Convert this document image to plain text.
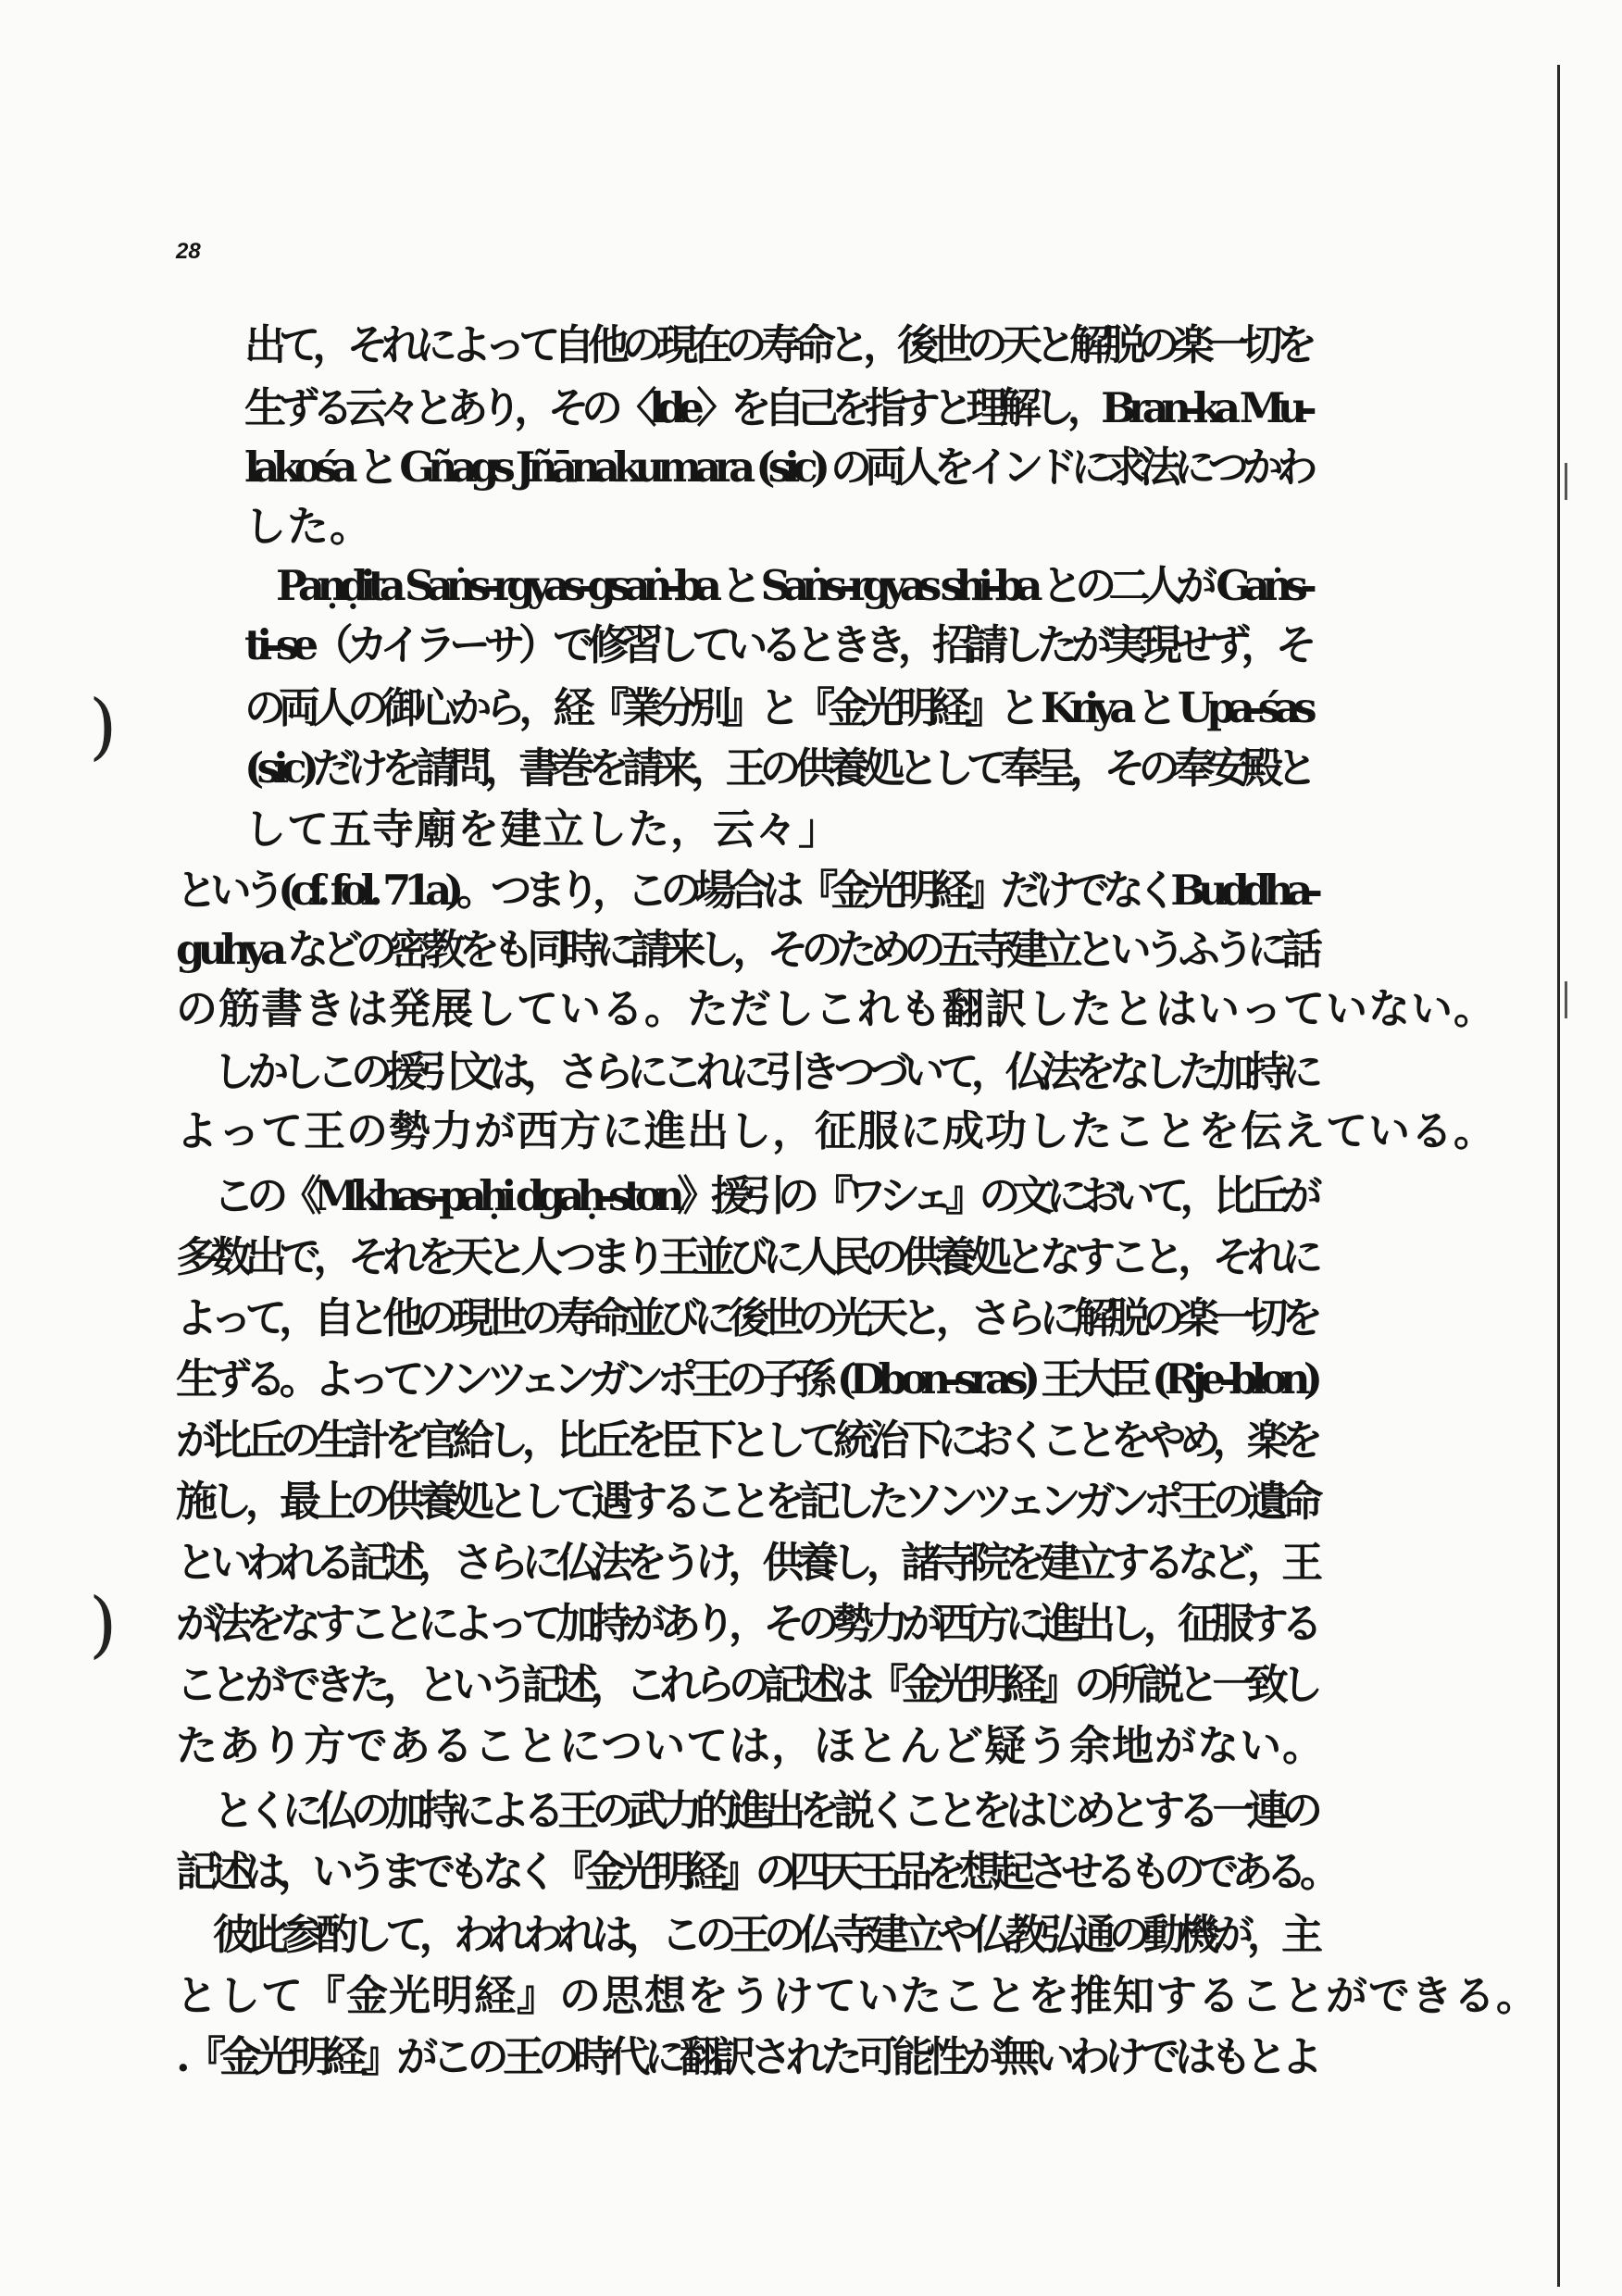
28

出て，それによって自他の現在の寿命と，後世の天と解脱の楽一切を

生ずる云々とあり，その〈lde〉を自己を指すと理解し，Bran-ka Mu-

lakośa と Gñags Jñānakumara (sic) の両人をインドに求法につかわ

した。

Paṇḍita Saṅs-rgyas-gsaṅ-ba と Saṅs-rgyas shi-ba との二人が Gaṅs-

ti-se（カイラーサ）で修習しているときき，招請したが実現せず，そ

の両人の御心から，経『業分別』と『金光明経』と Kriya と Upa-śas

(sic)だけを請問，書巻を請来，王の供養処として奉呈，その奉安殿と

して五寺廟を建立した，云々」

という(cf. fol. 71a)。つまり，この場合は『金光明経』だけでなくBuddha-

guhya などの密教をも同時に請来し，そのための五寺建立というふうに話

の筋書きは発展している。ただしこれも翻訳したとはいっていない。

しかしこの援引文は，さらにこれに引きつづいて，仏法をなした加持に

よって王の勢力が西方に進出し，征服に成功したことを伝えている。

この《Mkhas-paḥi dgaḥ-ston》援引の『ワシェ』の文において，比丘が

多数出で，それを天と人つまり王並びに人民の供養処となすこと，それに

よって，自と他の現世の寿命並びに後世の光天と，さらに解脱の楽一切を

生ずる。よってソンツェンガンポ王の子孫 (Dbon-sras) 王大臣 (Rje-blon)

が比丘の生計を官給し，比丘を臣下として統治下におくことをやめ，楽を

施し，最上の供養処として遇することを記したソンツェンガンポ王の遺命

といわれる記述，さらに仏法をうけ，供養し，諸寺院を建立するなど，王

が法をなすことによって加持があり，その勢力が西方に進出し，征服する

ことができた，という記述，これらの記述は『金光明経』の所説と一致し

たあり方であることについては，ほとんど疑う余地がない。

とくに仏の加持による王の武力的進出を説くことをはじめとする一連の

記述は，いうまでもなく『金光明経』の四天王品を想起させるものである。

彼此参酌して，われわれは，この王の仏寺建立や仏教弘通の動機が，主

として『金光明経』の思想をうけていたことを推知することができる。

.『金光明経』がこの王の時代に翻訳された可能性が無いわけではもとよ

)
)
